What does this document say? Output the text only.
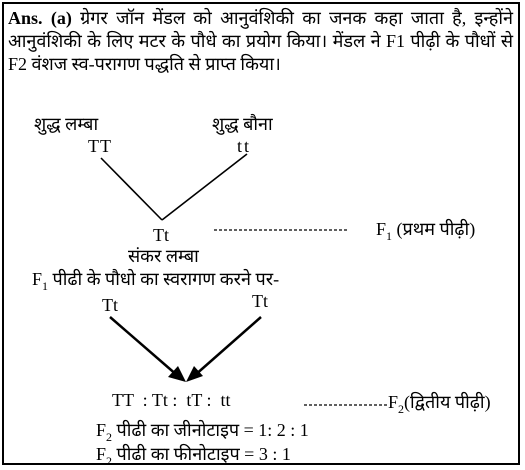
Ans. (a) ग्रेगर जॉन मेंडल को आनुवंशिकी का जनक कहा जाता है, इन्होंने आनुवंशिकी के लिए मटर के पौधे का प्रयोग किया। मेंडल ने F1 पीढ़ी के पौधों से F2 वंशज स्व-परागण पद्धति से प्राप्त किया।
शुद्ध लम्बा
TT
शुद्ध बौना
tt
Tt	$F_1$ (प्रथम पीढ़ी)
संकर लम्बा
$F_1$ पीढी के पौधो का स्वरागण करने पर-
Tt	Tt
TT  : Tt :  tT :  tt	$F_2(द्वितीय$ पीढ़ी)
$F_2$ पीढी का जीनोटाइप = 1: 2 : 1
$F_2$ पीढी का फीनोटाइप = 3 : 1
